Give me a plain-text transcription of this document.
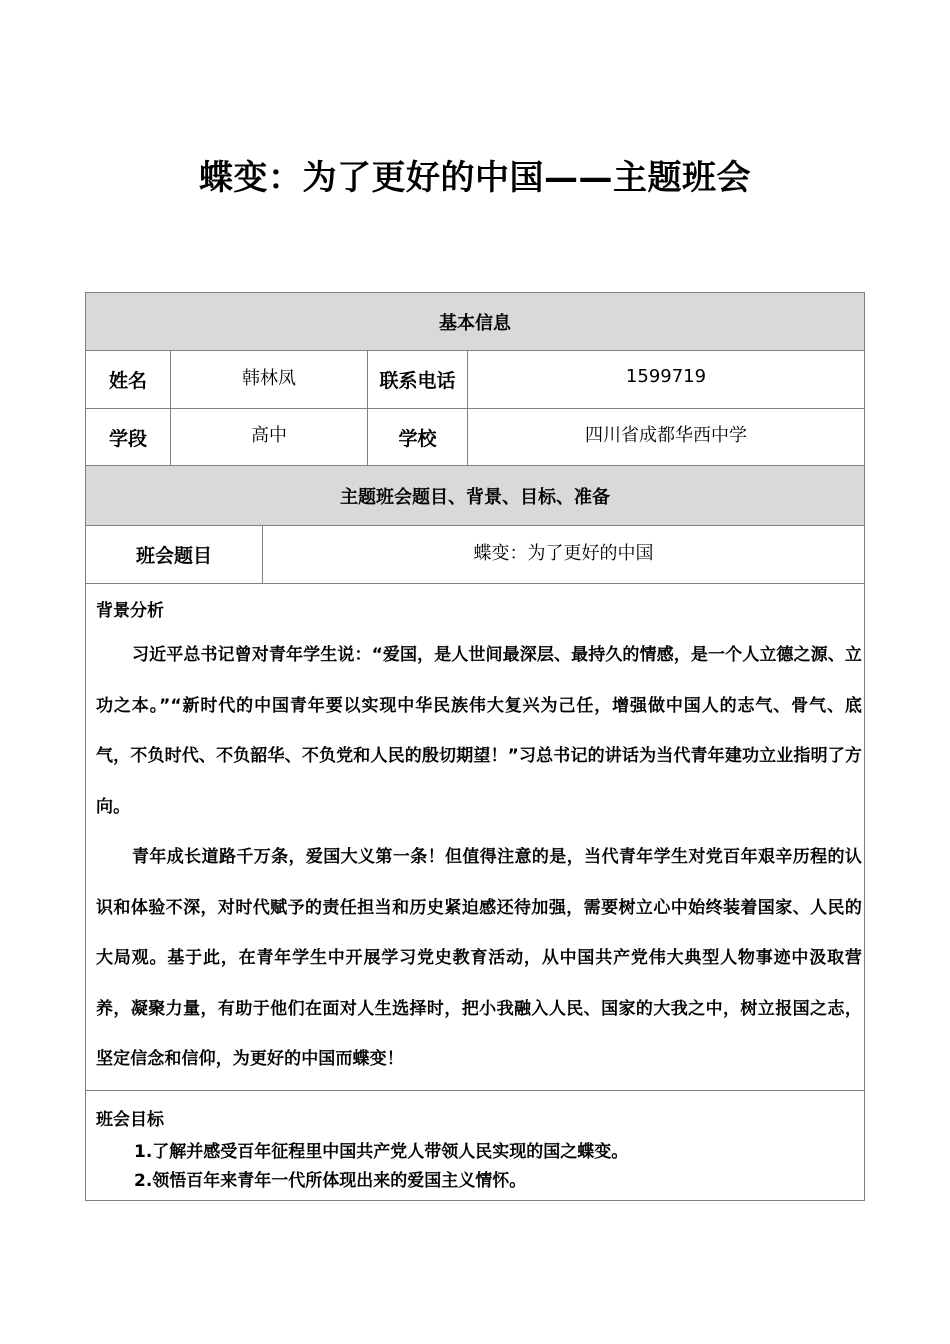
蝶变：为了更好的中国——主题班会
基本信息				
姓名	韩林凤		联系电话	1599719
学段	高中		学校	四川省成都华西中学
主题班会题目、背景、目标、准备				
班会题目		蝶变：为了更好的中国		

背景分析

习近平总书记曾对青年学生说：“爱国，是人世间最深层、最持久的情感，是一个人立德之源、立功之本。”“新时代的中国青年要以实现中华民族伟大复兴为己任，增强做中国人的志气、骨气、底气，不负时代、不负韶华、不负党和人民的殷切期望！”习总书记的讲话为当代青年建功立业指明了方向。

青年成长道路千万条，爱国大义第一条！但值得注意的是，当代青年学生对党百年艰辛历程的认识和体验不深，对时代赋予的责任担当和历史紧迫感还待加强，需要树立心中始终装着国家、人民的大局观。基于此，在青年学生中开展学习党史教育活动，从中国共产党伟大典型人物事迹中汲取营养，凝聚力量，有助于他们在面对人生选择时，把小我融入人民、国家的大我之中，树立报国之志，坚定信念和信仰，为更好的中国而蝶变！				

班会目标
1.了解并感受百年征程里中国共产党人带领人民实现的国之蝶变。
2.领悟百年来青年一代所体现出来的爱国主义情怀。				
